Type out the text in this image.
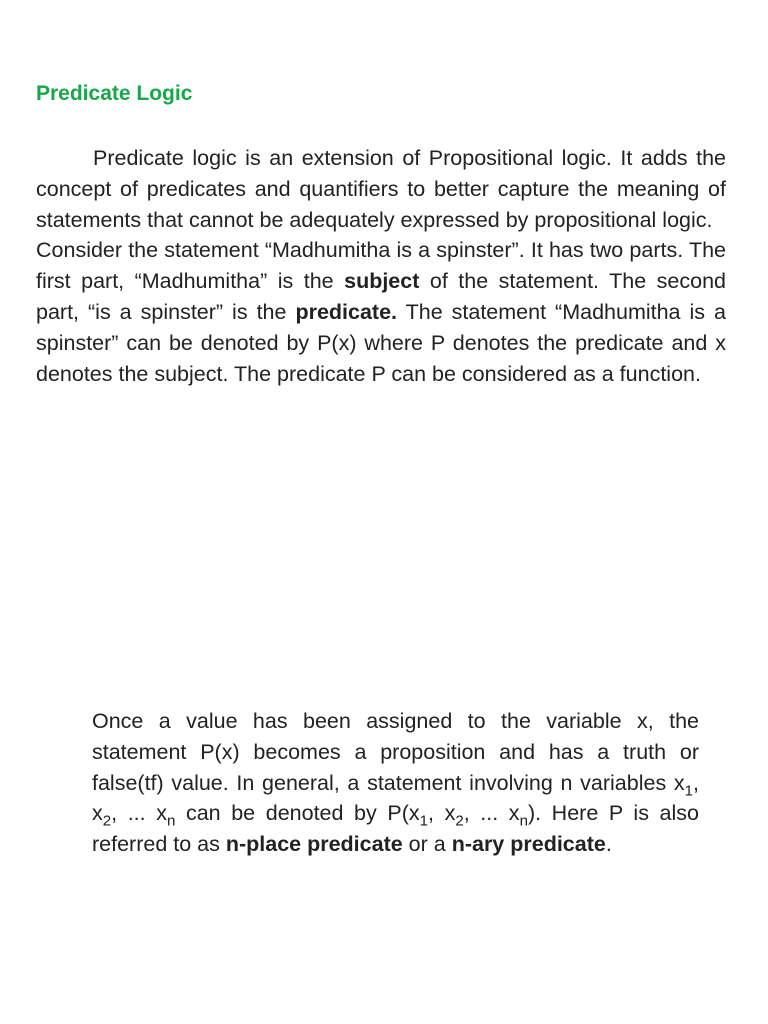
Predicate Logic

Predicate logic is an extension of Propositional logic. It adds the concept of predicates and quantifiers to better capture the meaning of statements that cannot be adequately expressed by propositional logic.

Consider the statement “Madhumitha is a spinster”. It has two parts. The first part, “Madhumitha” is the subject of the statement. The second part, “is a spinster” is the predicate. The statement “Madhumitha is a spinster” can be denoted by P(x) where P denotes the predicate and x denotes the subject. The predicate P can be considered as a function.

Once a value has been assigned to the variable x, the statement P(x) becomes a proposition and has a truth or false(tf) value. In general, a statement involving n variables $x_1$, $x_2$, ... $x_n$ can be denoted by $P(x_1$, $x_2$, ... $x_n$). Here P is also referred to as n-place predicate or a n-ary predicate.
